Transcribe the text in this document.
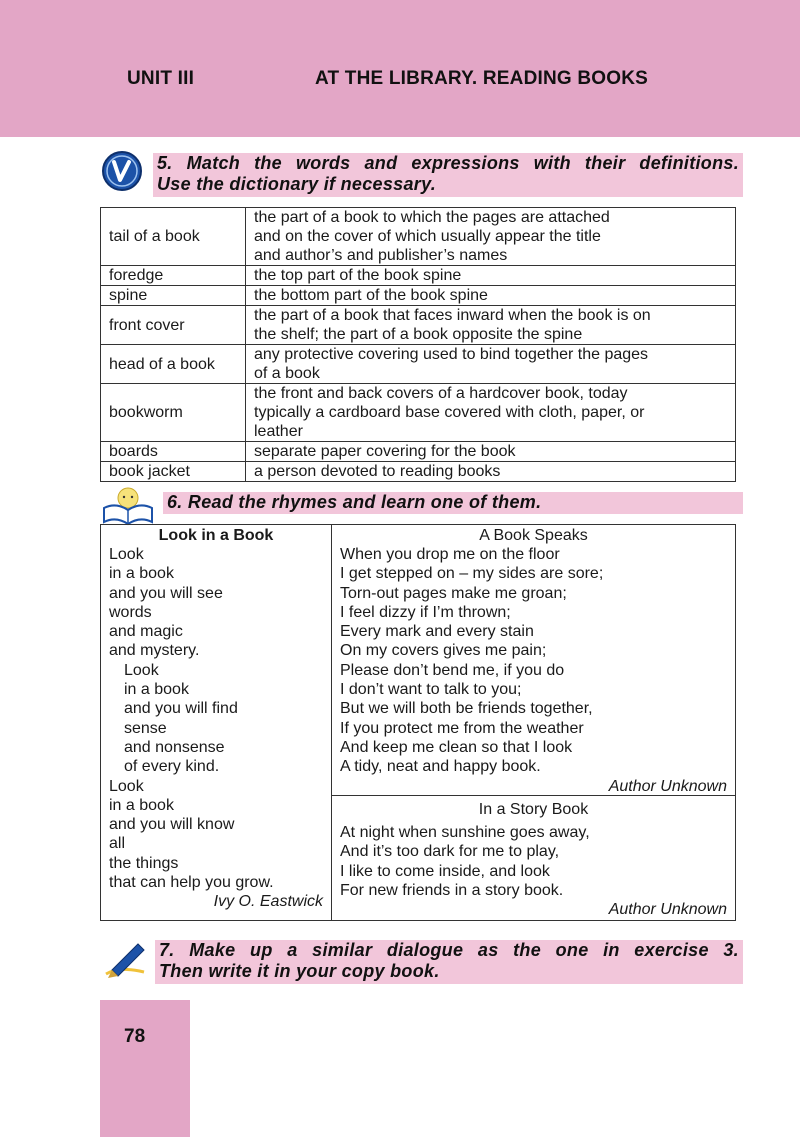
UNIT III	AT THE LIBRARY. READING BOOKS
5. Match the words and expressions with their definitions.
Use the dictionary if necessary.
tail of a book	the part of a book to which the pages are attached
and on the cover of which usually appear the title
and author’s and publisher’s names

foredge	the top part of the book spine

spine	the bottom part of the book spine

front cover	the part of a book that faces inward when the book is on
the shelf; the part of a book opposite the spine

head of a book	any protective covering used to bind together the pages
of a book

bookworm	the front and back covers of a hardcover book, today
typically a cardboard base covered with cloth, paper, or
leather

boards	separate paper covering for the book

book jacket	a person devoted to reading books
6. Read the rhymes and learn one of them.
Look in a Book
Look
in a book
and you will see
words
and magic
and mystery.
Look
in a book
and you will find
sense
and nonsense
of every kind.
Look
in a book
and you will know
all
the things
that can help you grow.
Ivy O. Eastwick
A Book Speaks
When you drop me on the floor
I get stepped on – my sides are sore;
Torn-out pages make me groan;
I feel dizzy if I’m thrown;
Every mark and every stain
On my covers gives me pain;
Please don’t bend me, if you do
I don’t want to talk to you;
But we will both be friends together,
If you protect me from the weather
And keep me clean so that I look
A tidy, neat and happy book.
Author Unknown
In a Story Book
At night when sunshine goes away,
And it’s too dark for me to play,
I like to come inside, and look
For new friends in a story book.
Author Unknown
7. Make up a similar dialogue as the one in exercise 3.
Then write it in your copy book.
78
